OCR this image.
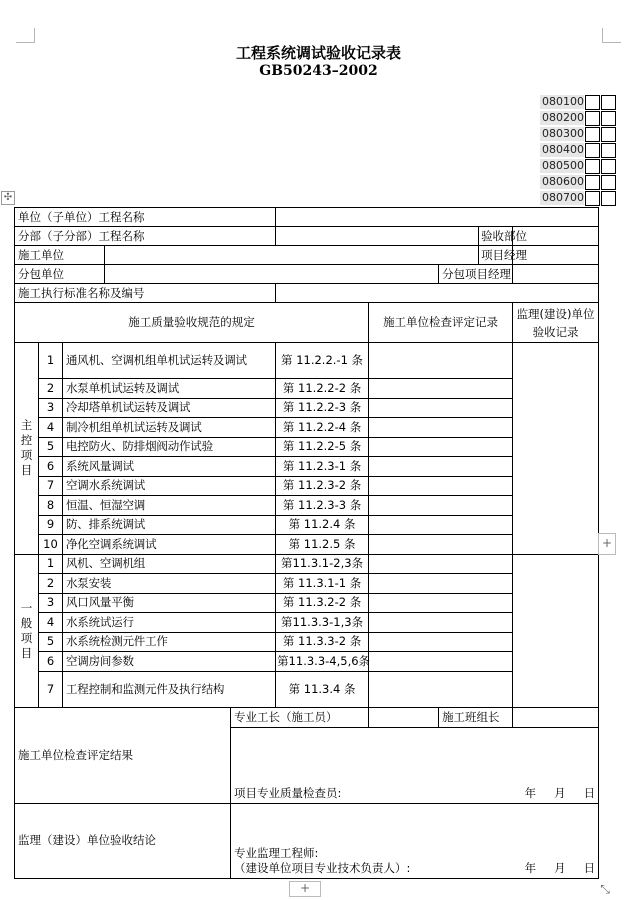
工程系统调试验收记录表
GB50243–2002
080100
080200
080300
080400
080500
080600
080700
✣
单位（子单位）工程名称									
分部（子分部）工程名称								验收部位	
施工单位								项目经理	
分包单位							分包项目经理		
施工执行标准名称及编号									
施工质量验收规范的规定						施工单位检查评定记录			监理(建设)单位验收记录

主控项目	1	通风机、空调机组单机试运转及调试			第 11.2.2.-1 条				
	2	水泵单机试运转及调试			第 11.2.2-2 条				
	3	冷却塔单机试运转及调试			第 11.2.2-3 条				
	4	制冷机组单机试运转及调试			第 11.2.2-4 条				
	5	电控防火、防排烟阀动作试验			第 11.2.2-5 条				
	6	系统风量调试			第 11.2.3-1 条				
	7	空调水系统调试			第 11.2.3-2 条				
	8	恒温、恒湿空调			第 11.2.3-3 条				
	9	防、排系统调试			第 11.2.4 条				
	10	净化空调系统调试			第 11.2.5 条				

一般项目	1	风机、空调机组			第11.3.1-2,3条				
	2	水泵安装			第 11.3.1-1 条				
	3	风口风量平衡			第 11.3.2-2 条				
	4	水系统试运行			第11.3.3-1,3条				
	5	水系统检测元件工作			第 11.3.3-2 条				
	6	空调房间参数			第11.3.3-4,5,6条				
	7	工程控制和监测元件及执行结构			第 11.3.4 条				
施工单位检查评定结果				专业工长（施工员）			施工班组长		

				项目专业质量检查员: 年 月 日					

监理（建设）单位验收结论				专业监理工程师:
（建设单位项目专业技术负责人）: 年 月 日					
+
+	⤡
